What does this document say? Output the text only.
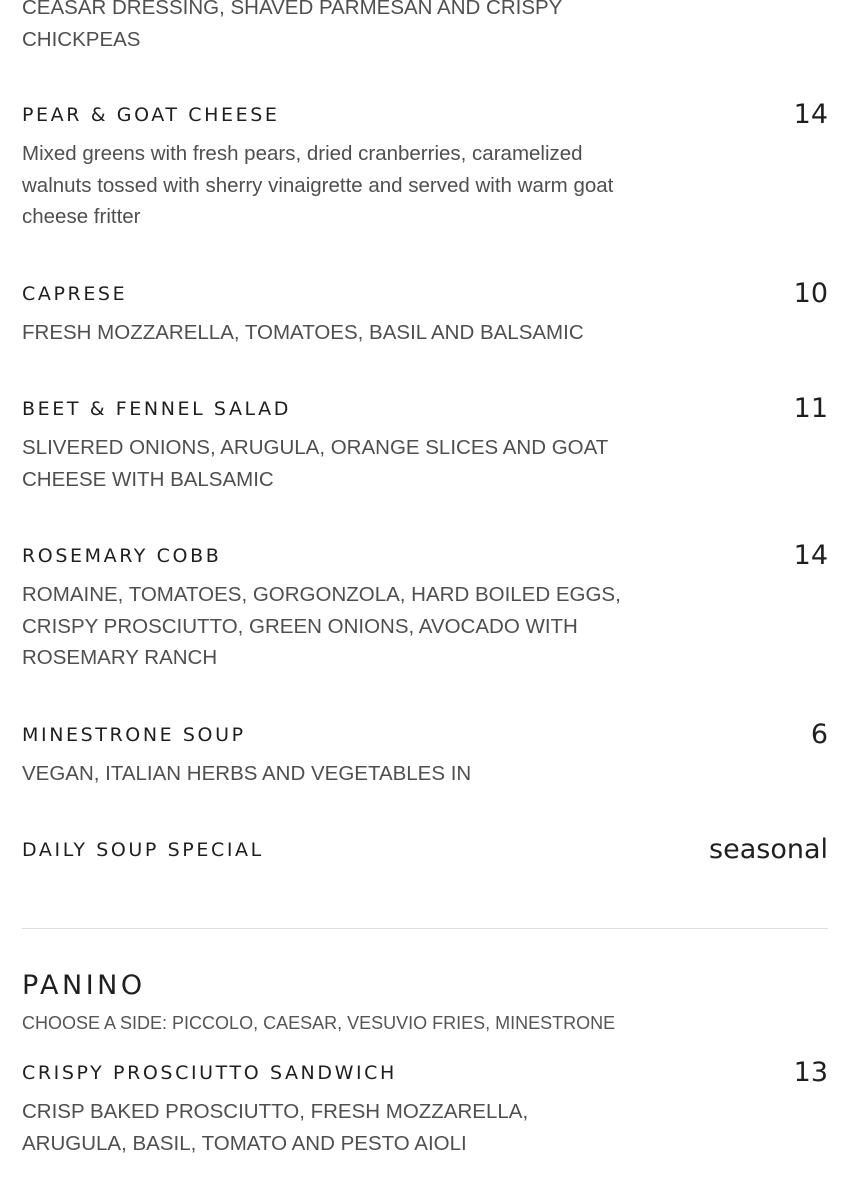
CEASAR DRESSING, SHAVED PARMESAN AND CRISPY CHICKPEAS
PEAR & GOAT CHEESE	14
Mixed greens with fresh pears, dried cranberries, caramelized walnuts tossed with sherry vinaigrette and served with warm goat cheese fritter
CAPRESE	10
FRESH MOZZARELLA, TOMATOES, BASIL AND BALSAMIC
BEET & FENNEL SALAD	11
SLIVERED ONIONS, ARUGULA, ORANGE SLICES AND GOAT CHEESE WITH BALSAMIC
ROSEMARY COBB	14
ROMAINE, TOMATOES, GORGONZOLA, HARD BOILED EGGS, CRISPY PROSCIUTTO, GREEN ONIONS, AVOCADO WITH ROSEMARY RANCH
MINESTRONE SOUP	6
VEGAN, ITALIAN HERBS AND VEGETABLES IN
DAILY SOUP SPECIAL	seasonal
PANINO
CHOOSE A SIDE: PICCOLO, CAESAR, VESUVIO FRIES, MINESTRONE
CRISPY PROSCIUTTO SANDWICH	13
CRISP BAKED PROSCIUTTO, FRESH MOZZARELLA, ARUGULA, BASIL, TOMATO AND PESTO AIOLI
